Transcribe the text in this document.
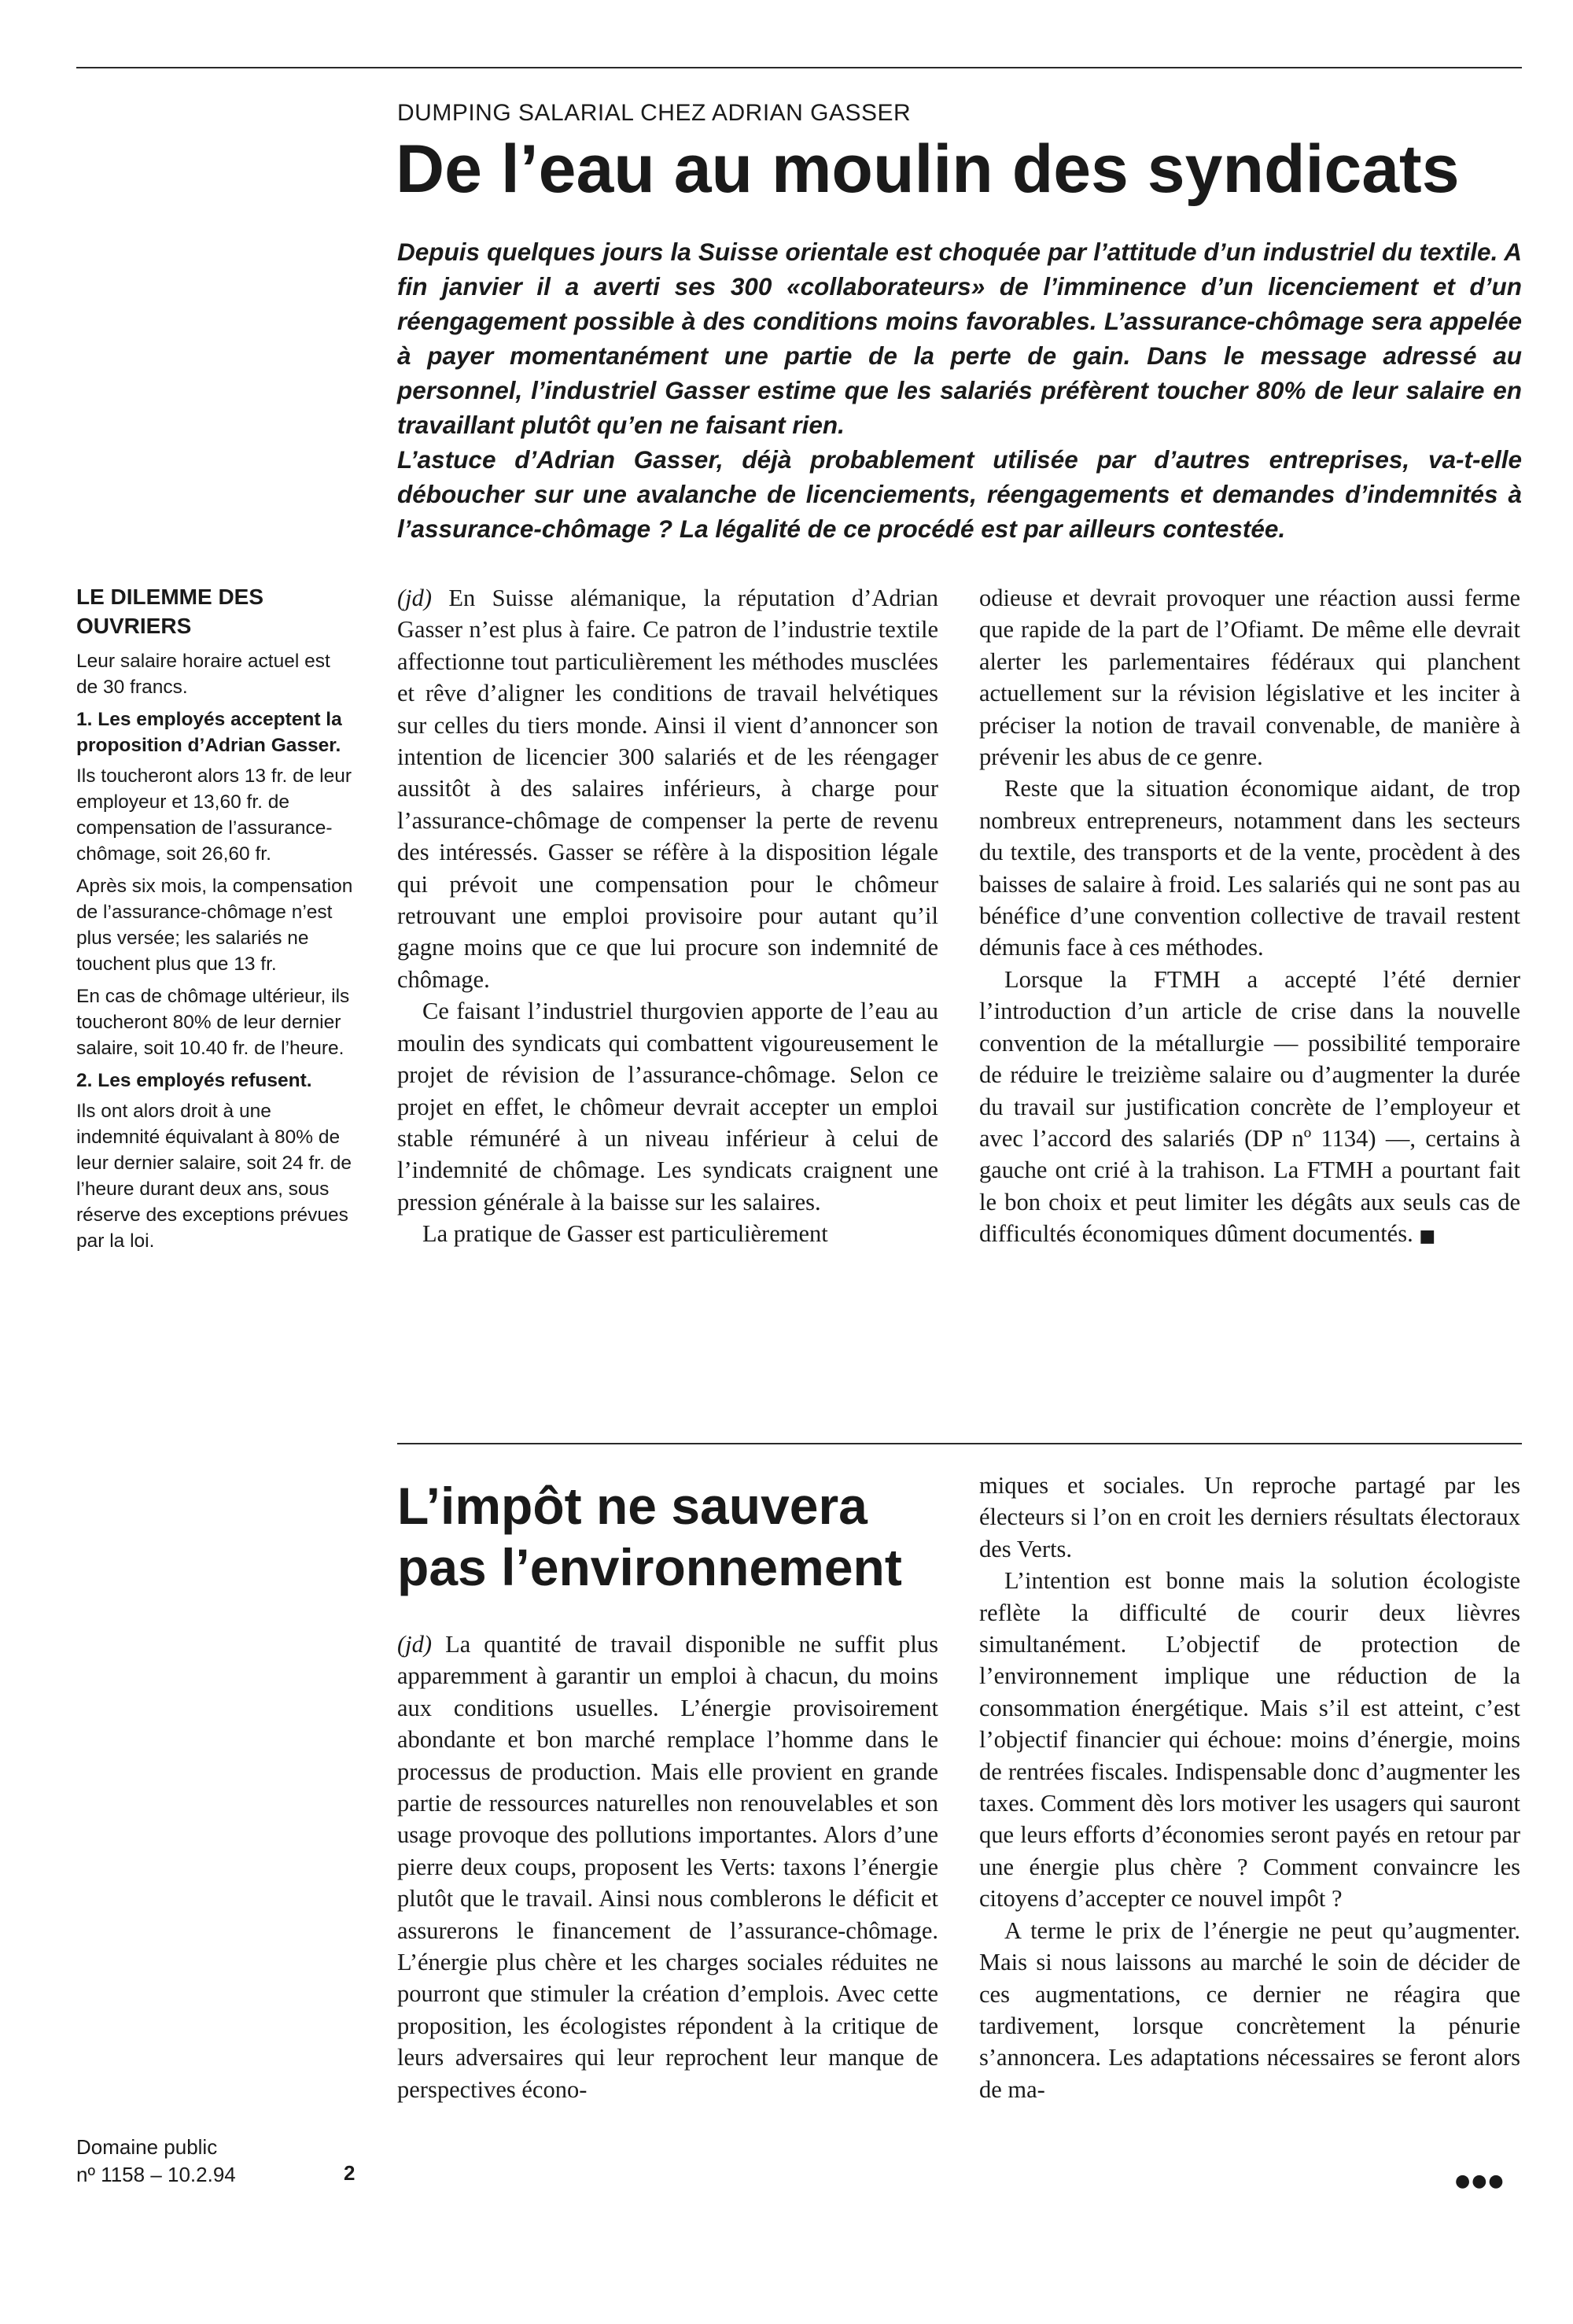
DUMPING SALARIAL CHEZ ADRIAN GASSER
De l’eau au moulin des syndicats

Depuis quelques jours la Suisse orientale est choquée par l’attitude d’un industriel du textile. A fin janvier il a averti ses 300 «collaborateurs» de l’imminence d’un licenciement et d’un réengagement possible à des conditions moins favorables. L’assurance-chômage sera appelée à payer momentanément une partie de la perte de gain. Dans le message adressé au personnel, l’industriel Gasser estime que les salariés préfèrent toucher 80% de leur salaire en travaillant plutôt qu’en ne faisant rien.

L’astuce d’Adrian Gasser, déjà probablement utilisée par d’autres entreprises, va-t-elle déboucher sur une avalanche de licenciements, réengagements et demandes d’indemnités à l’assurance-chômage ? La légalité de ce procédé est par ailleurs contestée.

LE DILEMME DES OUVRIERS

Leur salaire horaire actuel est de 30 francs.

1. Les employés acceptent la proposition d’Adrian Gasser.

Ils toucheront alors 13 fr. de leur employeur et 13,60 fr. de compensation de l’assurance-chômage, soit 26,60 fr.

Après six mois, la compensation de l’assurance-chômage n’est plus versée; les salariés ne touchent plus que 13 fr.

En cas de chômage ultérieur, ils toucheront 80% de leur dernier salaire, soit 10.40 fr. de l’heure.

2. Les employés refusent.

Ils ont alors droit à une indemnité équivalant à 80% de leur dernier salaire, soit 24 fr. de l’heure durant deux ans, sous réserve des exceptions prévues par la loi.

(jd) En Suisse alémanique, la réputation d’Adrian Gasser n’est plus à faire. Ce patron de l’industrie textile affectionne tout particulièrement les méthodes musclées et rêve d’aligner les conditions de travail helvétiques sur celles du tiers monde. Ainsi il vient d’annoncer son intention de licencier 300 salariés et de les réengager aussitôt à des salaires inférieurs, à charge pour l’assurance-chômage de compenser la perte de revenu des intéressés. Gasser se réfère à la disposition légale qui prévoit une compensation pour le chômeur retrouvant une emploi provisoire pour autant qu’il gagne moins que ce que lui procure son indemnité de chômage.

Ce faisant l’industriel thurgovien apporte de l’eau au moulin des syndicats qui combattent vigoureusement le projet de révision de l’assurance-chômage. Selon ce projet en effet, le chômeur devrait accepter un emploi stable rémunéré à un niveau inférieur à celui de l’indemnité de chômage. Les syndicats craignent une pression générale à la baisse sur les salaires.

La pratique de Gasser est particulièrement

odieuse et devrait provoquer une réaction aussi ferme que rapide de la part de l’Ofiamt. De même elle devrait alerter les parlementaires fédéraux qui planchent actuellement sur la révision législative et les inciter à préciser la notion de travail convenable, de manière à prévenir les abus de ce genre.

Reste que la situation économique aidant, de trop nombreux entrepreneurs, notamment dans les secteurs du textile, des transports et de la vente, procèdent à des baisses de salaire à froid. Les salariés qui ne sont pas au bénéfice d’une convention collective de travail restent démunis face à ces méthodes.

Lorsque la FTMH a accepté l’été dernier l’introduction d’un article de crise dans la nouvelle convention de la métallurgie — possibilité temporaire de réduire le treizième salaire ou d’augmenter la durée du travail sur justification concrète de l’employeur et avec l’accord des salariés (DP nº 1134) —, certains à gauche ont crié à la trahison. La FTMH a pourtant fait le bon choix et peut limiter les dégâts aux seuls cas de difficultés économiques dûment documentés. ■

L’impôt ne sauvera pas l’environnement

(jd) La quantité de travail disponible ne suffit plus apparemment à garantir un emploi à chacun, du moins aux conditions usuelles. L’énergie provisoirement abondante et bon marché remplace l’homme dans le processus de production. Mais elle provient en grande partie de ressources naturelles non renouvelables et son usage provoque des pollutions importantes. Alors d’une pierre deux coups, proposent les Verts: taxons l’énergie plutôt que le travail. Ainsi nous comblerons le déficit et assurerons le financement de l’assurance-chômage. L’énergie plus chère et les charges sociales réduites ne pourront que stimuler la création d’emplois. Avec cette proposition, les écologistes répondent à la critique de leurs adversaires qui leur reprochent leur manque de perspectives écono-

miques et sociales. Un reproche partagé par les électeurs si l’on en croit les derniers résultats électoraux des Verts.

L’intention est bonne mais la solution écologiste reflète la difficulté de courir deux lièvres simultanément. L’objectif de protection de l’environnement implique une réduction de la consommation énergétique. Mais s’il est atteint, c’est l’objectif financier qui échoue: moins d’énergie, moins de rentrées fiscales. Indispensable donc d’augmenter les taxes. Comment dès lors motiver les usagers qui sauront que leurs efforts d’économies seront payés en retour par une énergie plus chère ? Comment convaincre les citoyens d’accepter ce nouvel impôt ?

A terme le prix de l’énergie ne peut qu’augmenter. Mais si nous laissons au marché le soin de décider de ces augmentations, ce dernier ne réagira que tardivement, lorsque concrètement la pénurie s’annoncera. Les adaptations nécessaires se feront alors de ma-

●●●
Domaine public
nº 1158 – 10.2.94	2
